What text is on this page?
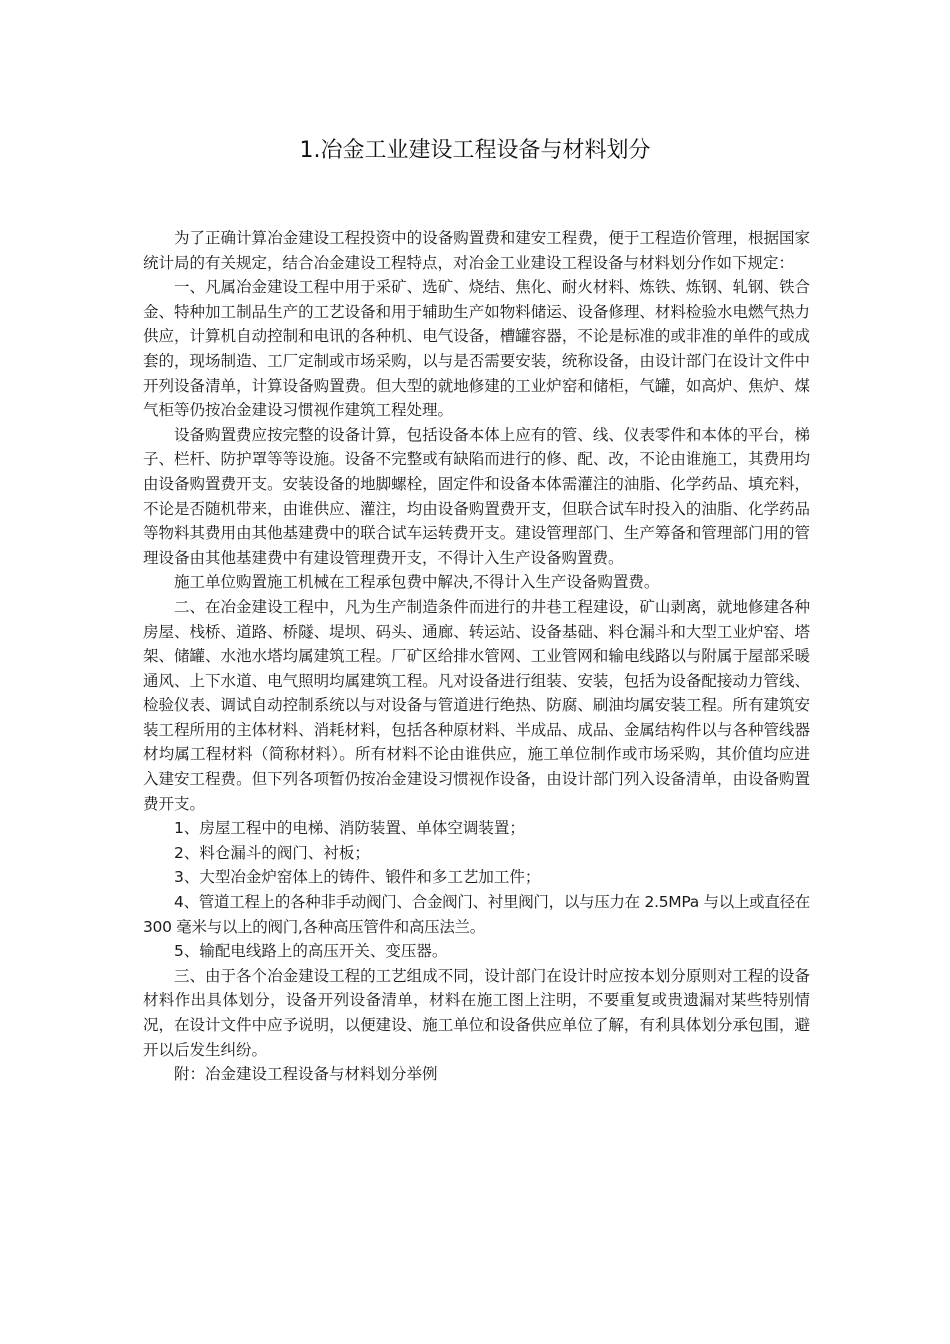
1.冶金工业建设工程设备与材料划分

为了正确计算冶金建设工程投资中的设备购置费和建安工程费，便于工程造价管理，根据国家统计局的有关规定，结合冶金建设工程特点，对冶金工业建设工程设备与材料划分作如下规定：

一、凡属冶金建设工程中用于采矿、选矿、烧结、焦化、耐火材料、炼铁、炼钢、轧钢、铁合金、特种加工制品生产的工艺设备和用于辅助生产如物料储运、设备修理、材料检验水电燃气热力供应，计算机自动控制和电讯的各种机、电气设备，槽罐容器，不论是标准的或非准的单件的或成套的，现场制造、工厂定制或市场采购，以与是否需要安装，统称设备，由设计部门在设计文件中开列设备清单，计算设备购置费。但大型的就地修建的工业炉窑和储柜，气罐，如高炉、焦炉、煤气柜等仍按冶金建设习惯视作建筑工程处理。

设备购置费应按完整的设备计算，包括设备本体上应有的管、线、仪表零件和本体的平台，梯子、栏杆、防护罩等等设施。设备不完整或有缺陷而进行的修、配、改，不论由谁施工，其费用均由设备购置费开支。安装设备的地脚螺栓，固定件和设备本体需灌注的油脂、化学药品、填充料，不论是否随机带来，由谁供应、灌注，均由设备购置费开支，但联合试车时投入的油脂、化学药品等物料其费用由其他基建费中的联合试车运转费开支。建设管理部门、生产筹备和管理部门用的管理设备由其他基建费中有建设管理费开支，不得计入生产设备购置费。

施工单位购置施工机械在工程承包费中解决,不得计入生产设备购置费。

二、在冶金建设工程中，凡为生产制造条件而进行的井巷工程建设，矿山剥离，就地修建各种房屋、栈桥、道路、桥隧、堤坝、码头、通廊、转运站、设备基础、料仓漏斗和大型工业炉窑、塔架、储罐、水池水塔均属建筑工程。厂矿区给排水管网、工业管网和输电线路以与附属于屋部采暖通风、上下水道、电气照明均属建筑工程。凡对设备进行组装、安装，包括为设备配接动力管线、检验仪表、调试自动控制系统以与对设备与管道进行绝热、防腐、刷油均属安装工程。所有建筑安装工程所用的主体材料、消耗材料，包括各种原材料、半成品、成品、金属结构件以与各种管线器材均属工程材料（简称材料）。所有材料不论由谁供应，施工单位制作或市场采购，其价值均应进入建安工程费。但下列各项暂仍按冶金建设习惯视作设备，由设计部门列入设备清单，由设备购置费开支。

1、房屋工程中的电梯、消防装置、单体空调装置；

2、料仓漏斗的阀门、衬板；

3、大型冶金炉窑体上的铸件、锻件和多工艺加工件；

4、管道工程上的各种非手动阀门、合金阀门、衬里阀门，以与压力在 2.5MPa 与以上或直径在 300 毫米与以上的阀门,各种高压管件和高压法兰。

5、输配电线路上的高压开关、变压器。

三、由于各个冶金建设工程的工艺组成不同，设计部门在设计时应按本划分原则对工程的设备材料作出具体划分，设备开列设备清单，材料在施工图上注明，不要重复或贵遗漏对某些特别情况，在设计文件中应予说明，以便建设、施工单位和设备供应单位了解，有利具体划分承包围，避开以后发生纠纷。

附：冶金建设工程设备与材料划分举例
